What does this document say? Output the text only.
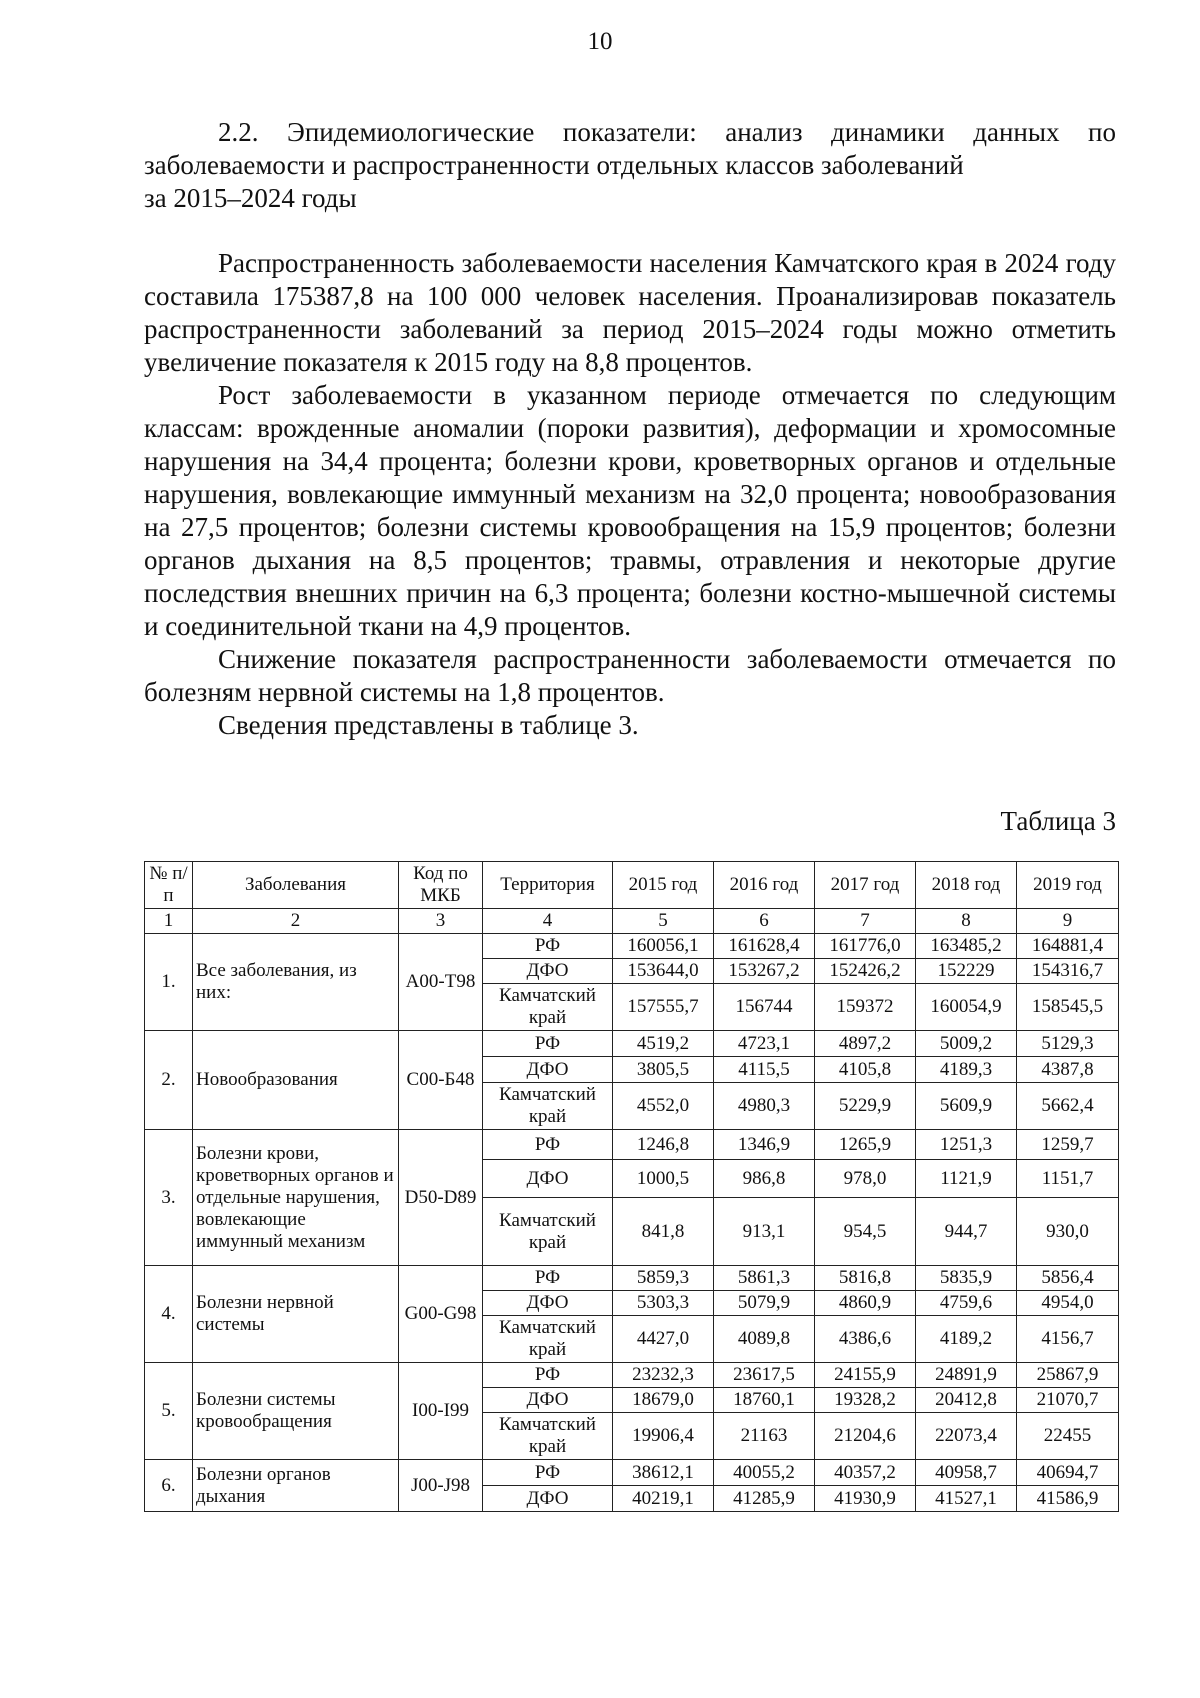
10
2.2. Эпидемиологические показатели: анализ динамики данных по заболеваемости и распространенности отдельных классов заболеваний
за 2015–2024 годы

Распространенность заболеваемости населения Камчатского края в 2024 году составила 175387,8 на 100 000 человек населения. Проанализировав показатель распространенности заболеваний за период 2015–2024 годы можно отметить увеличение показателя к 2015 году на 8,8 процентов.

Рост заболеваемости в указанном периоде отмечается по следующим классам: врожденные аномалии (пороки развития), деформации и хромосомные нарушения на 34,4 процента; болезни крови, кроветворных органов и отдельные нарушения, вовлекающие иммунный механизм на 32,0 процента; новообразования на 27,5 процентов; болезни системы кровообращения на 15,9 процентов; болезни органов дыхания на 8,5 процентов; травмы, отравления и некоторые другие последствия внешних причин на 6,3 процента; болезни костно-мышечной системы и соединительной ткани на 4,9 процентов.

Снижение показателя распространенности заболеваемости отмечается по болезням нервной системы на 1,8 процентов.

Сведения представлены в таблице 3.

Таблица 3
№ п/п	Заболевания	Код по МКБ	Территория	2015 год	2016 год	2017 год	2018 год	2019 год
1	2	3	4	5	6	7	8	9
1.	Все заболевания, из них:	A00-T98	РФ	160056,1	161628,4	161776,0	163485,2	164881,4
			ДФО	153644,0	153267,2	152426,2	152229	154316,7
			Камчатский край	157555,7	156744	159372	160054,9	158545,5
2.	Новообразования	C00-Б48	РФ	4519,2	4723,1	4897,2	5009,2	5129,3
			ДФО	3805,5	4115,5	4105,8	4189,3	4387,8
			Камчатский край	4552,0	4980,3	5229,9	5609,9	5662,4
3.	Болезни крови, кроветворных органов и отдельные нарушения, вовлекающие иммунный механизм	D50-D89	РФ	1246,8	1346,9	1265,9	1251,3	1259,7
			ДФО	1000,5	986,8	978,0	1121,9	1151,7
			Камчатский край	841,8	913,1	954,5	944,7	930,0
4.	Болезни нервной системы	G00-G98	РФ	5859,3	5861,3	5816,8	5835,9	5856,4
			ДФО	5303,3	5079,9	4860,9	4759,6	4954,0
			Камчатский край	4427,0	4089,8	4386,6	4189,2	4156,7
5.	Болезни системы кровообращения	I00-I99	РФ	23232,3	23617,5	24155,9	24891,9	25867,9
			ДФО	18679,0	18760,1	19328,2	20412,8	21070,7
			Камчатский край	19906,4	21163	21204,6	22073,4	22455
6.	Болезни органов дыхания	J00-J98	РФ	38612,1	40055,2	40357,2	40958,7	40694,7
			ДФО	40219,1	41285,9	41930,9	41527,1	41586,9
